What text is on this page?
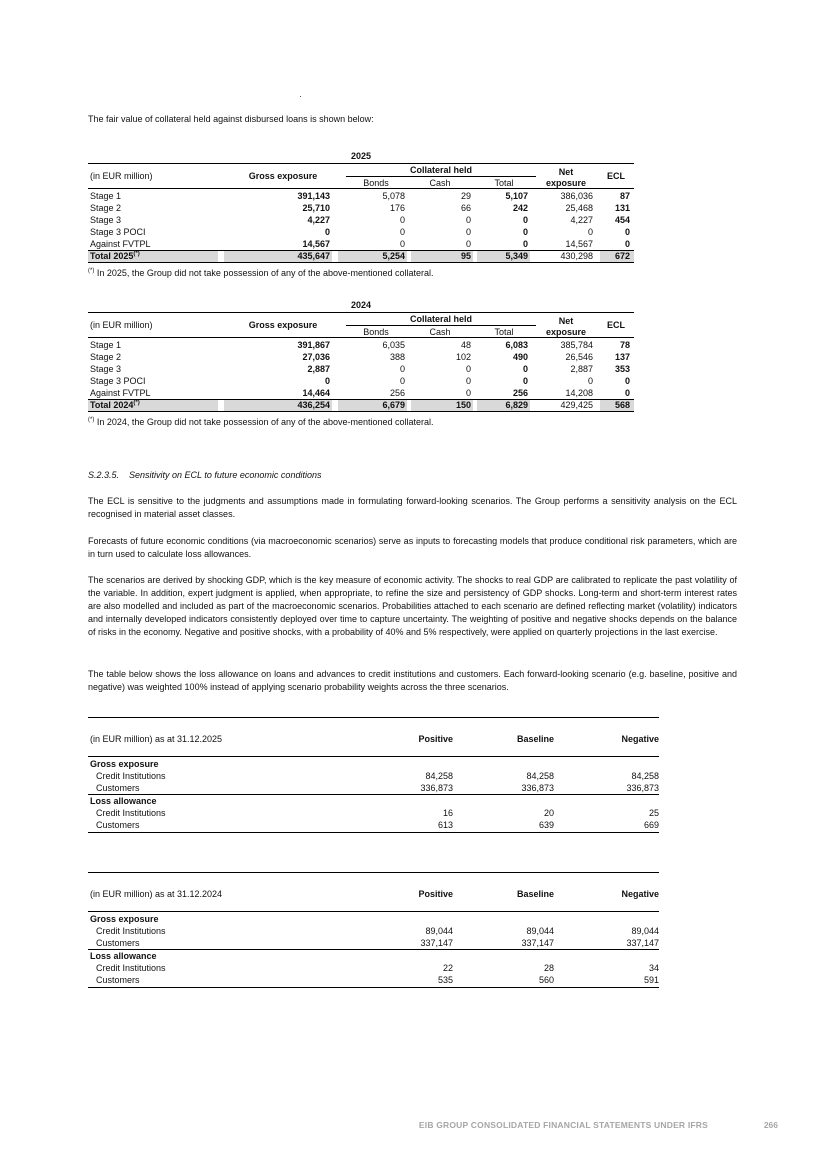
The fair value of collateral held against disbursed loans is shown below:
2025
(in EUR million)	Gross exposure
Collateral held
Bonds	Cash	Total
Net
exposure
ECL
Stage 1	391,143	5,078	29	5,107	386,036	87
Stage 2	25,710	176	66	242	25,468	131
Stage 3	4,227	0	0	0	4,227	454
Stage 3 POCI	0	0	0	0	0	0
Against FVTPL	14,567	0	0	0	14,567	0
Total 2025(*)	435,647	5,254	95	5,349	430,298	672
(*) In 2025, the Group did not take possession of any of the above-mentioned collateral.
2024
(in EUR million)	Gross exposure
Collateral held
Bonds	Cash	Total
Net
exposure
ECL
Stage 1	391,867	6,035	48	6,083	385,784	78
Stage 2	27,036	388	102	490	26,546	137
Stage 3	2,887	0	0	0	2,887	353
Stage 3 POCI	0	0	0	0	0	0
Against FVTPL	14,464	256	0	256	14,208	0
Total 2024(*)	436,254	6,679	150	6,829	429,425	568
(*) In 2024, the Group did not take possession of any of the above-mentioned collateral.
S.2.3.5.    Sensitivity on ECL to future economic conditions
The ECL is sensitive to the judgments and assumptions made in formulating forward-looking scenarios. The Group performs a sensitivity analysis on the ECL recognised in material asset classes.
Forecasts of future economic conditions (via macroeconomic scenarios) serve as inputs to forecasting models that produce conditional risk parameters, which are in turn used to calculate loss allowances.
The scenarios are derived by shocking GDP, which is the key measure of economic activity. The shocks to real GDP are calibrated to replicate the past volatility of the variable. In addition, expert judgment is applied, when appropriate, to refine the size and persistency of GDP shocks. Long-term and short-term interest rates are also modelled and included as part of the macroeconomic scenarios. Probabilities attached to each scenario are defined reflecting market (volatility) indicators and internally developed indicators consistently deployed over time to capture uncertainty. The weighting of positive and negative shocks depends on the balance of risks in the economy. Negative and positive shocks, with a probability of 40% and 5% respectively, were applied on quarterly projections in the last exercise.
The table below shows the loss allowance on loans and advances to credit institutions and customers. Each forward-looking scenario (e.g. baseline, positive and negative) was weighted 100% instead of applying scenario probability weights across the three scenarios.
(in EUR million) as at 31.12.2025	Positive	Baseline	Negative
Gross exposure
Credit Institutions	84,258	84,258	84,258
Customers	336,873	336,873	336,873
Loss allowance
Credit Institutions	16	20	25
Customers	613	639	669
(in EUR million) as at 31.12.2024	Positive	Baseline	Negative
Gross exposure
Credit Institutions	89,044	89,044	89,044
Customers	337,147	337,147	337,147
Loss allowance
Credit Institutions	22	28	34
Customers	535	560	591
EIB GROUP CONSOLIDATED FINANCIAL STATEMENTS UNDER IFRS	266
